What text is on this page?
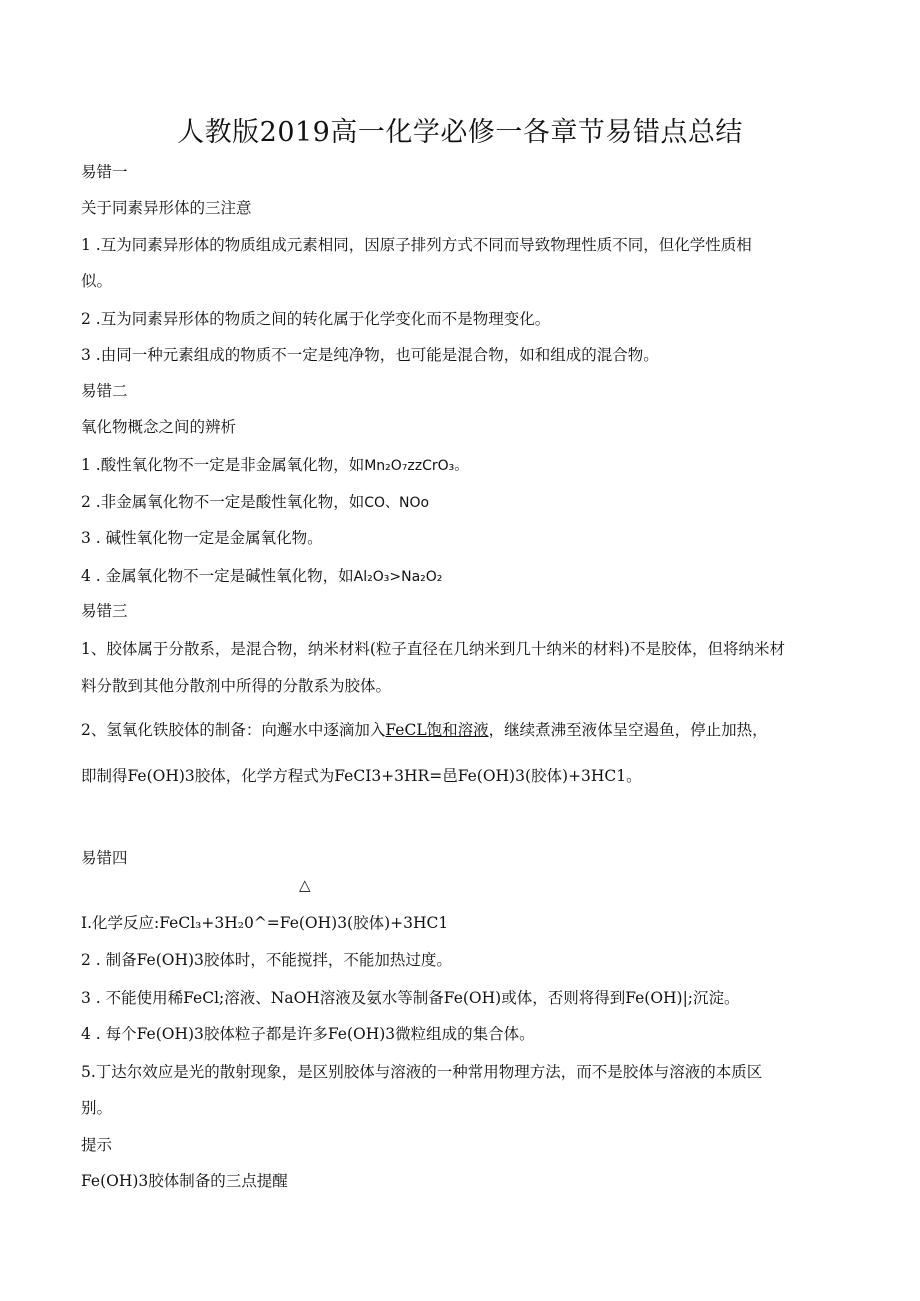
人教版2019高一化学必修一各章节易错点总结
易错一
关于同素异形体的三注意
1 .互为同素异形体的物质组成元素相同，因原子排列方式不同而导致物理性质不同，但化学性质相
似。
2 .互为同素异形体的物质之间的转化属于化学变化而不是物理变化。
3 .由同一种元素组成的物质不一定是纯净物，也可能是混合物，如和组成的混合物。
易错二
氧化物概念之间的辨析
1 .酸性氧化物不一定是非金属氧化物，如Mn₂O₇zzCrO₃。
2 .非金属氧化物不一定是酸性氧化物，如CO、NOo
3 . 碱性氧化物一定是金属氧化物。
4 . 金属氧化物不一定是碱性氧化物，如Al₂O₃>Na₂O₂
易错三
1、胶体属于分散系，是混合物，纳米材料(粒子直径在几纳米到几十纳米的材料)不是胶体，但将纳米材
料分散到其他分散剂中所得的分散系为胶体。
2、氢氧化铁胶体的制备：向邂水中逐滴加入FeCL饱和溶液，继续煮沸至液体呈空遏鱼，停止加热，
即制得Fe(OH)3胶体，化学方程式为FeCI3+3HR=邑Fe(OH)3(胶体)+3HC1。
易错四
△
I.化学反应:FeCl₃+3H₂0^=Fe(OH)3(胶体)+3HC1
2 . 制备Fe(OH)3胶体时，不能搅拌，不能加热过度。
3 . 不能使用稀FeCl;溶液、NaOH溶液及氨水等制备Fe(OH)或体，否则将得到Fe(OH)|;沉淀。
4 . 每个Fe(OH)3胶体粒子都是许多Fe(OH)3微粒组成的集合体。
5.丁达尔效应是光的散射现象，是区别胶体与溶液的一种常用物理方法，而不是胶体与溶液的本质区
别。
提示
Fe(OH)3胶体制备的三点提醒
